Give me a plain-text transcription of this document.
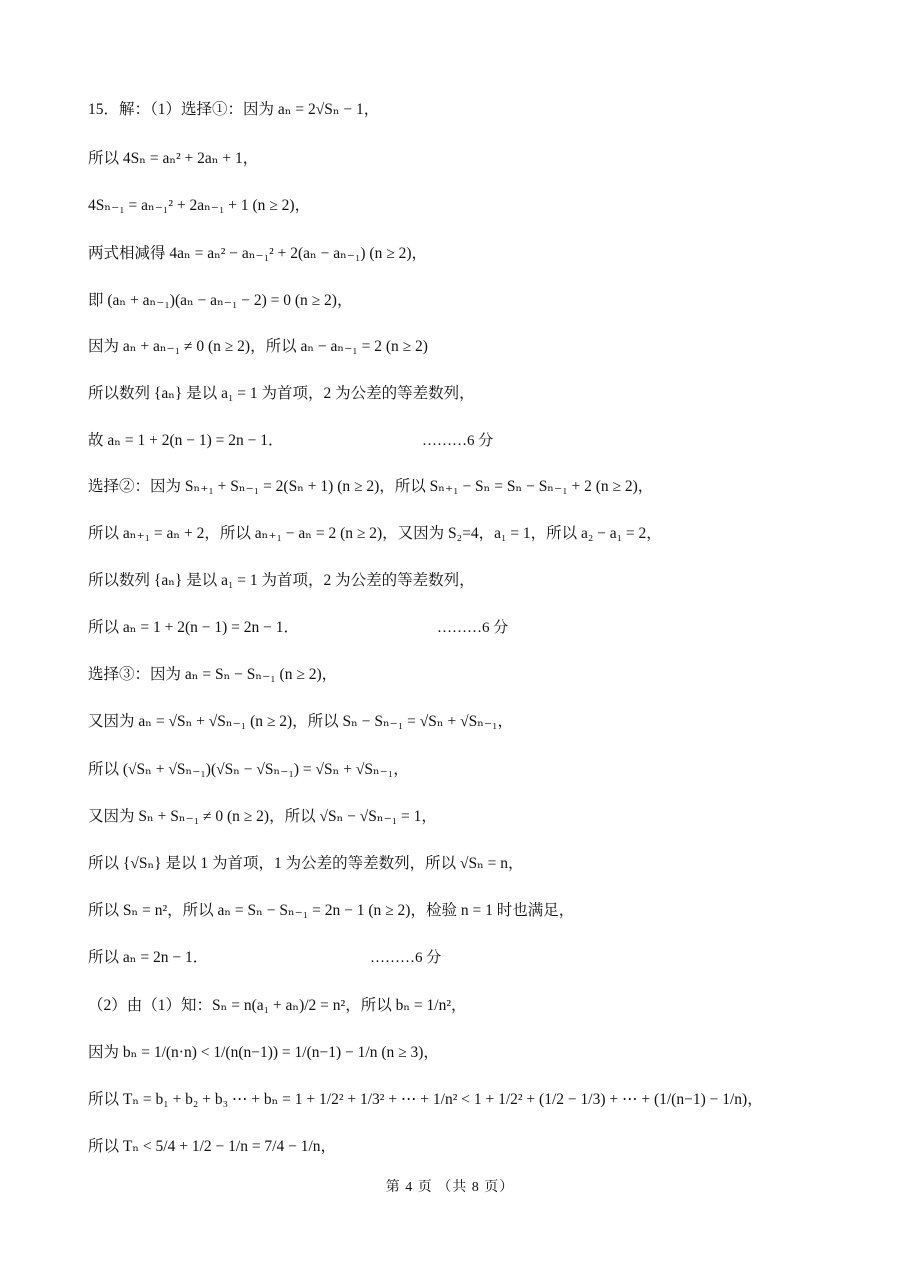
15．解：（1）选择①：因为 aₙ = 2√Sₙ − 1，
所以 4Sₙ = aₙ² + 2aₙ + 1，
4Sₙ₋₁ = aₙ₋₁² + 2aₙ₋₁ + 1 (n ≥ 2)，
两式相减得 4aₙ = aₙ² − aₙ₋₁² + 2(aₙ − aₙ₋₁) (n ≥ 2)，
即 (aₙ + aₙ₋₁)(aₙ − aₙ₋₁ − 2) = 0 (n ≥ 2)，
因为 aₙ + aₙ₋₁ ≠ 0 (n ≥ 2)，所以 aₙ − aₙ₋₁ = 2 (n ≥ 2)
所以数列 {aₙ} 是以 a₁ = 1 为首项，2 为公差的等差数列，
故 aₙ = 1 + 2(n − 1) = 2n − 1．	………6 分
选择②：因为 Sₙ₊₁ + Sₙ₋₁ = 2(Sₙ + 1) (n ≥ 2)，所以 Sₙ₊₁ − Sₙ = Sₙ − Sₙ₋₁ + 2 (n ≥ 2)，
所以 aₙ₊₁ = aₙ + 2，所以 aₙ₊₁ − aₙ = 2 (n ≥ 2)，又因为 S₂=4，a₁ = 1，所以 a₂ − a₁ = 2，
所以数列 {aₙ} 是以 a₁ = 1 为首项，2 为公差的等差数列，
所以 aₙ = 1 + 2(n − 1) = 2n − 1．	………6 分
选择③：因为 aₙ = Sₙ − Sₙ₋₁ (n ≥ 2)，
又因为 aₙ = √Sₙ + √Sₙ₋₁ (n ≥ 2)，所以 Sₙ − Sₙ₋₁ = √Sₙ + √Sₙ₋₁，
所以 (√Sₙ + √Sₙ₋₁)(√Sₙ − √Sₙ₋₁) = √Sₙ + √Sₙ₋₁，
又因为 Sₙ + Sₙ₋₁ ≠ 0 (n ≥ 2)，所以 √Sₙ − √Sₙ₋₁ = 1，
所以 {√Sₙ} 是以 1 为首项，1 为公差的等差数列，所以 √Sₙ = n，
所以 Sₙ = n²，所以 aₙ = Sₙ − Sₙ₋₁ = 2n − 1 (n ≥ 2)，检验 n = 1 时也满足，
所以 aₙ = 2n − 1．	………6 分
（2）由（1）知：Sₙ = n(a₁ + aₙ)/2 = n²，所以 bₙ = 1/n²，
因为 bₙ = 1/(n·n) < 1/(n(n−1)) = 1/(n−1) − 1/n (n ≥ 3)，
所以 Tₙ = b₁ + b₂ + b₃ ⋯ + bₙ = 1 + 1/2² + 1/3² + ⋯ + 1/n² < 1 + 1/2² + (1/2 − 1/3) + ⋯ + (1/(n−1) − 1/n)，
所以 Tₙ < 5/4 + 1/2 − 1/n = 7/4 − 1/n，
第 4 页 （共 8 页）
